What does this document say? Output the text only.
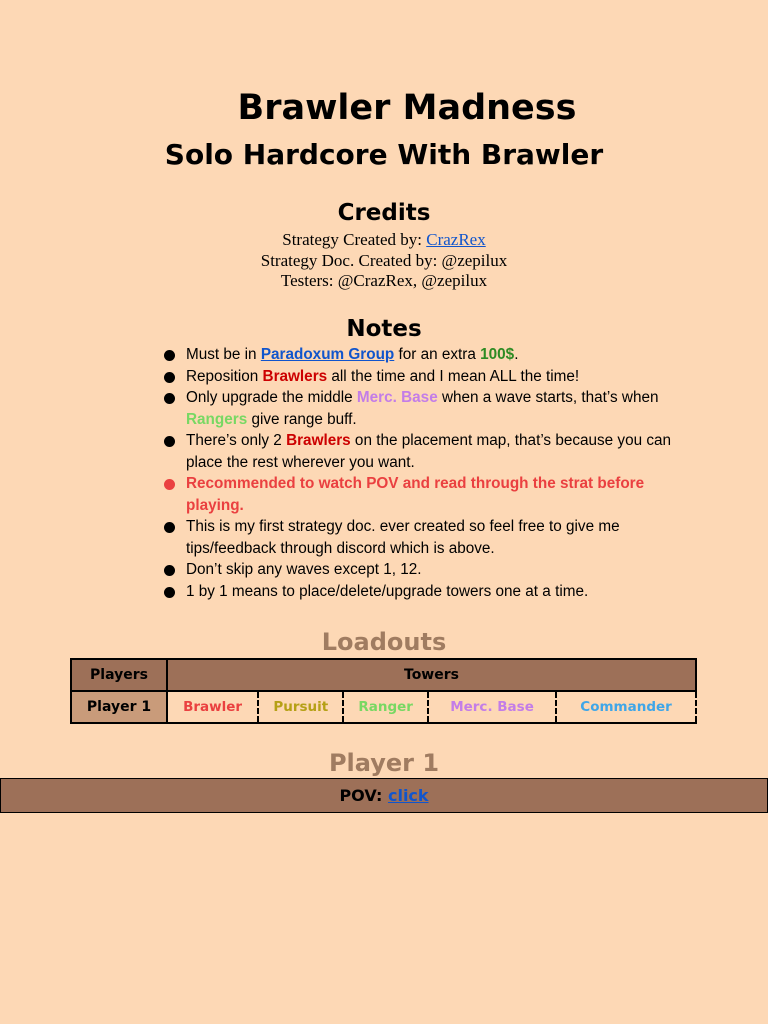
Brawler Madness
Solo Hardcore With Brawler
Credits
Strategy Created by: CrazRex
Strategy Doc. Created by: @zepilux
Testers: @CrazRex, @zepilux
Notes
Must be in Paradoxum Group for an extra 100$.
Reposition Brawlers all the time and I mean ALL the time!
Only upgrade the middle Merc. Base when a wave starts, that’s when Rangers give range buff.
There’s only 2 Brawlers on the placement map, that’s because you can place the rest wherever you want.
Recommended to watch POV and read through the strat before playing.
This is my first strategy doc. ever created so feel free to give me tips/feedback through discord which is above.
Don’t skip any waves except 1, 12.
1 by 1 means to place/delete/upgrade towers one at a time.
Loadouts
Players	Towers				
Player 1	Brawler	Pursuit	Ranger	Merc. Base	Commander
Player 1
POV: click
